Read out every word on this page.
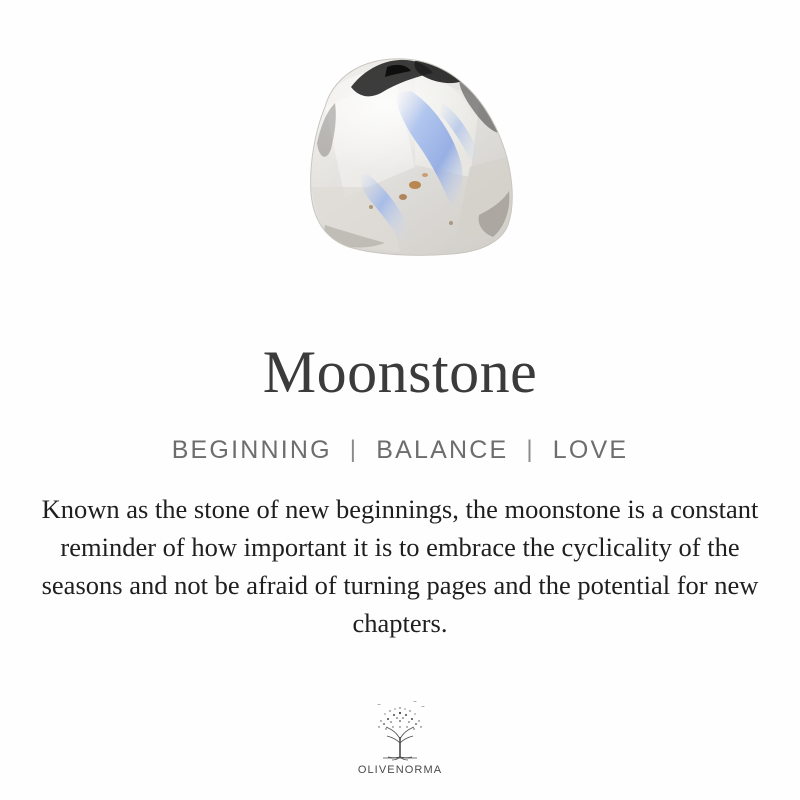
Moonstone
BEGINNING | BALANCE | LOVE

Known as the stone of new beginnings, the moonstone is a constant reminder of how important it is to embrace the cyclicality of the seasons and not be afraid of turning pages and the potential for new chapters.

OLIVENORMA
